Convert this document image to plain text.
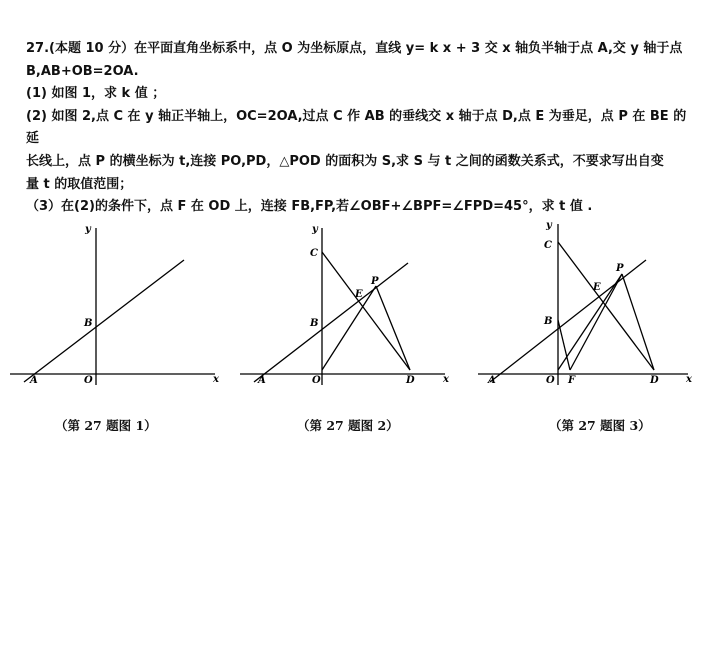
27.(本题 10 分）在平面直角坐标系中，点 O 为坐标原点，直线 y= k x + 3 交 x 轴负半轴于点 A,交 y 轴于点

B,AB+OB=2OA.

(1) 如图 1，求 k 值 ；

(2) 如图 2,点 C 在 y 轴正半轴上，OC=2OA,过点 C 作 AB 的垂线交 x 轴于点 D,点 E 为垂足，点 P 在 BE 的延

长线上，点 P 的横坐标为 t,连接 PO,PD，△POD 的面积为 S,求 S 与 t 之间的函数关系式，不要求写出自变

量 t 的取值范围；

（3）在(2)的条件下，点 F 在 OD 上，连接 FB,FP,若∠OBF+∠BPF=∠FPD=45°，求 t 值 .

y
x
A	O
B
（第 27 题图 1）
y
x
A	O
B
C
D
E
P
（第 27 题图 2）
y
x
A	O
B
C
D
E
P
F
（第 27 题图 3）
